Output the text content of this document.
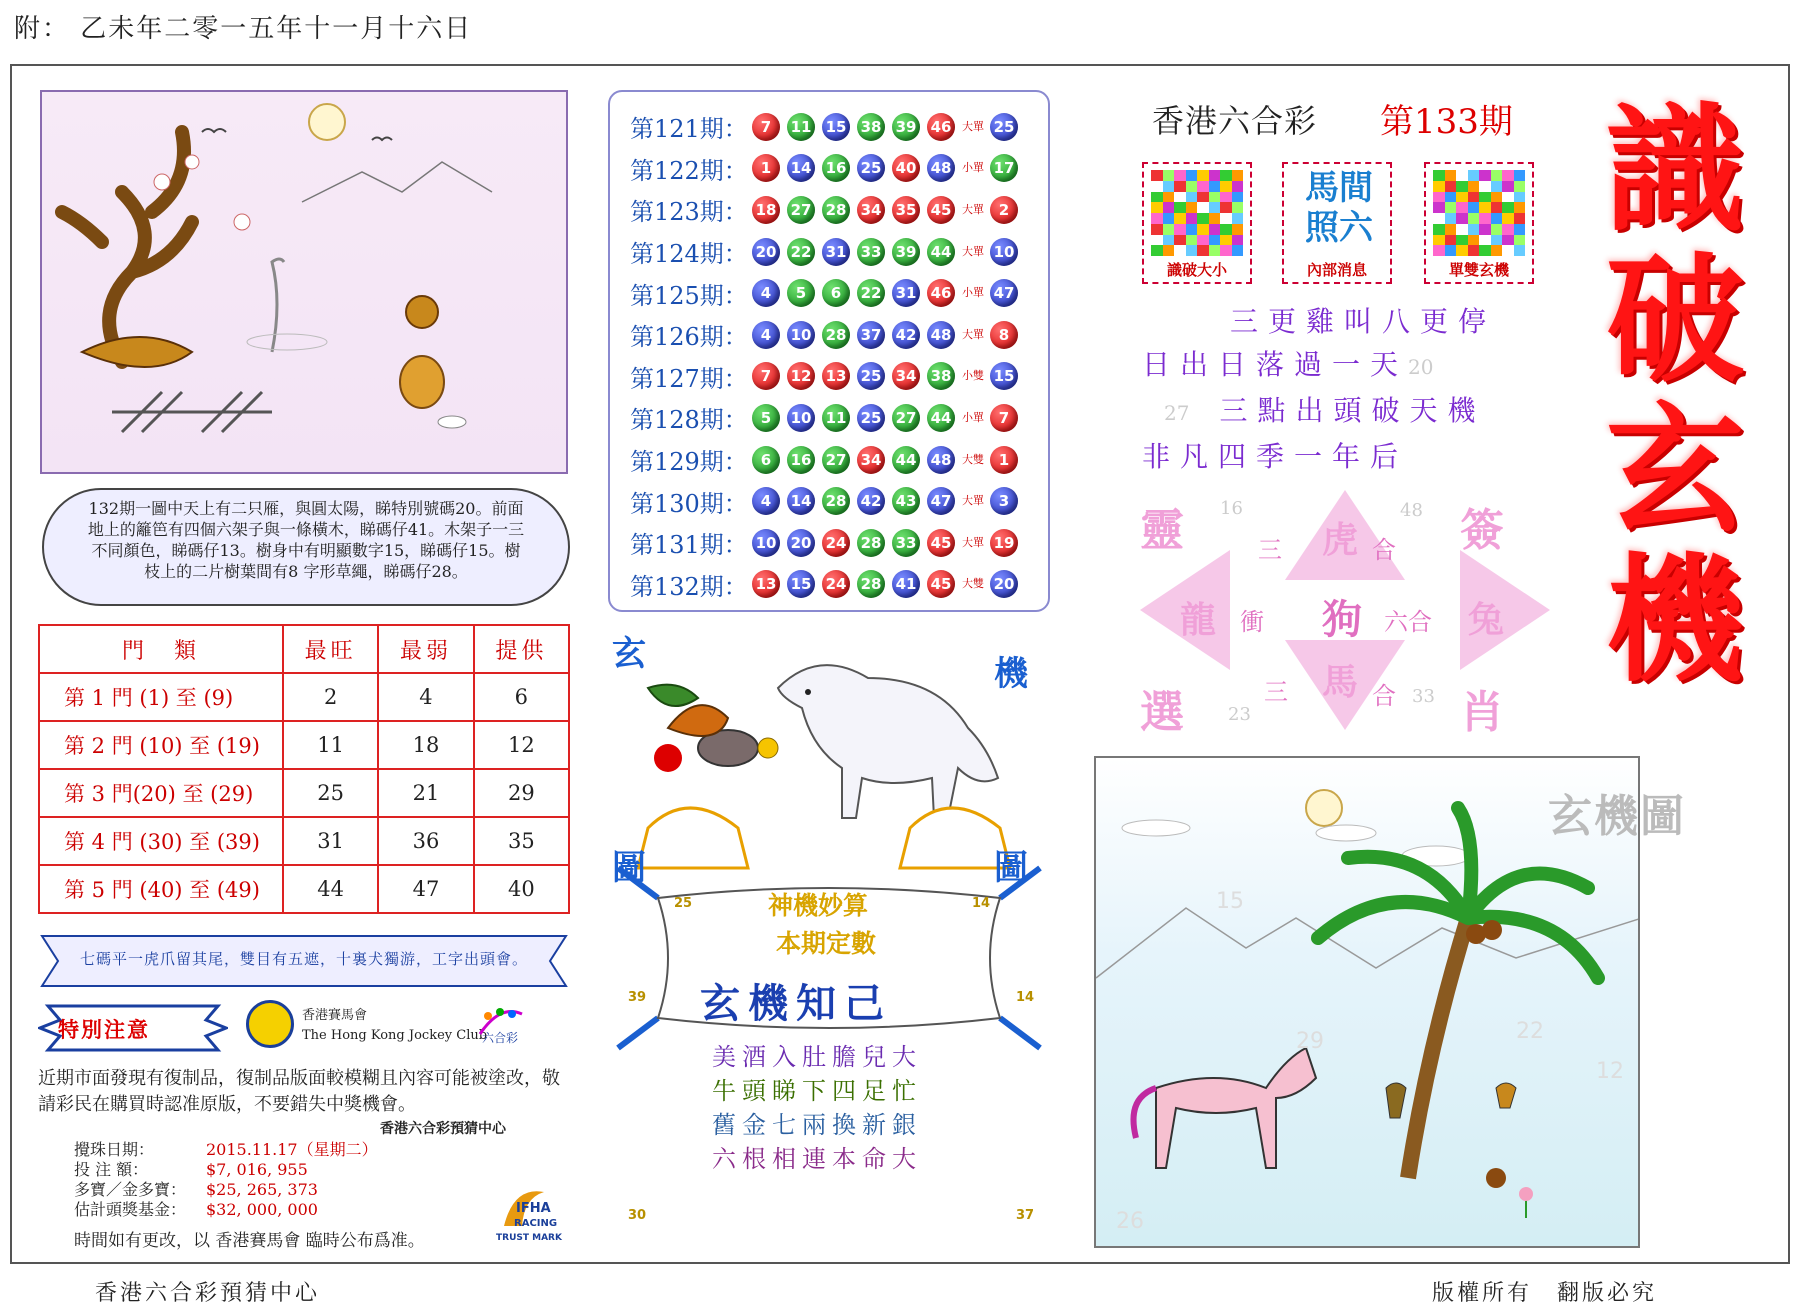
附： 乙未年二零一五年十一月十六日
香港六合彩預猜中心	版權所有　翻版必究
132期一圖中天上有二只雁，與圓太陽，睇特別號碼20。前面地上的籬笆有四個六架子與一條橫木，睇碼仔41。木架子一三不同顏色，睇碼仔13。樹身中有明顯數字15，睇碼仔15。樹枝上的二片樹葉間有8 字形草繩，睇碼仔28。
門　類	最旺	最弱	提供
第 1 門 (1) 至 (9)	2	4	6
第 2 門 (10) 至 (19)	11	18	12
第 3 門(20) 至 (29)	25	21	29
第 4 門 (30) 至 (39)	31	36	35
第 5 門 (40) 至 (49)	44	47	40
七碼平一虎爪留其尾，雙目有五遮，十裏犬獨游，工字出頭會。
特別注意
香港賽馬會
The Hong Kong Jockey Club
六合彩
近期市面發現有復制品，復制品版面較模糊且內容可能被塗改，敬請彩民在購買時認准原版，不要錯失中獎機會。
香港六合彩預猜中心
攪珠日期：	2015.11.17（星期二）
投 注 額：	$7, 016, 955
多寶／金多寶：	$25, 265, 373
估計頭獎基金：	$32, 000, 000
時間如有更改，以 香港賽馬會 臨時公布爲准。
IFHA
RACING
TRUST MARK
第121期： 7	11 15 38 39 46 大單 25
第122期： 1	14 16 25 40 48 小單 17
第123期： 18 27 28 34 35 45 大單 2
第124期： 20 22 31 33 39 44 大單 10
第125期： 4	5	6	22 31 46 小單 47
第126期： 4	10 28 37 42 48 大單 8
第127期： 7	12 13 25 34 38 小雙 15
第128期： 5	10 11 25 27 44 小單 7
第129期： 6	16 27 34 44 48 大雙 1
第130期： 4	14 28 42 43 47 大單 3
第131期： 10 20 24 28 33 45 大單 19
第132期： 13 15 24 28 41 45 大雙 20
玄	機
圖	圖
神機妙算
本期定數
25	14
39	14
30	37
玄機知己
美酒入肚膽兒大
牛頭睇下四足忙
舊金七兩換新銀
六根相連本命大
香港六合彩 第133期
識破大小
馬間照六
內部消息	單雙玄機
三更雞叫八更停
日出日落過一天20
27 三點出頭破天機
非凡四季一年后
靈	簽
選	肖
虎
馬
龍	兔
狗
三	合
衝	六合
三	合
16	48
23
33
識
破
玄
機
15
22
29
12
26
玄機圖
